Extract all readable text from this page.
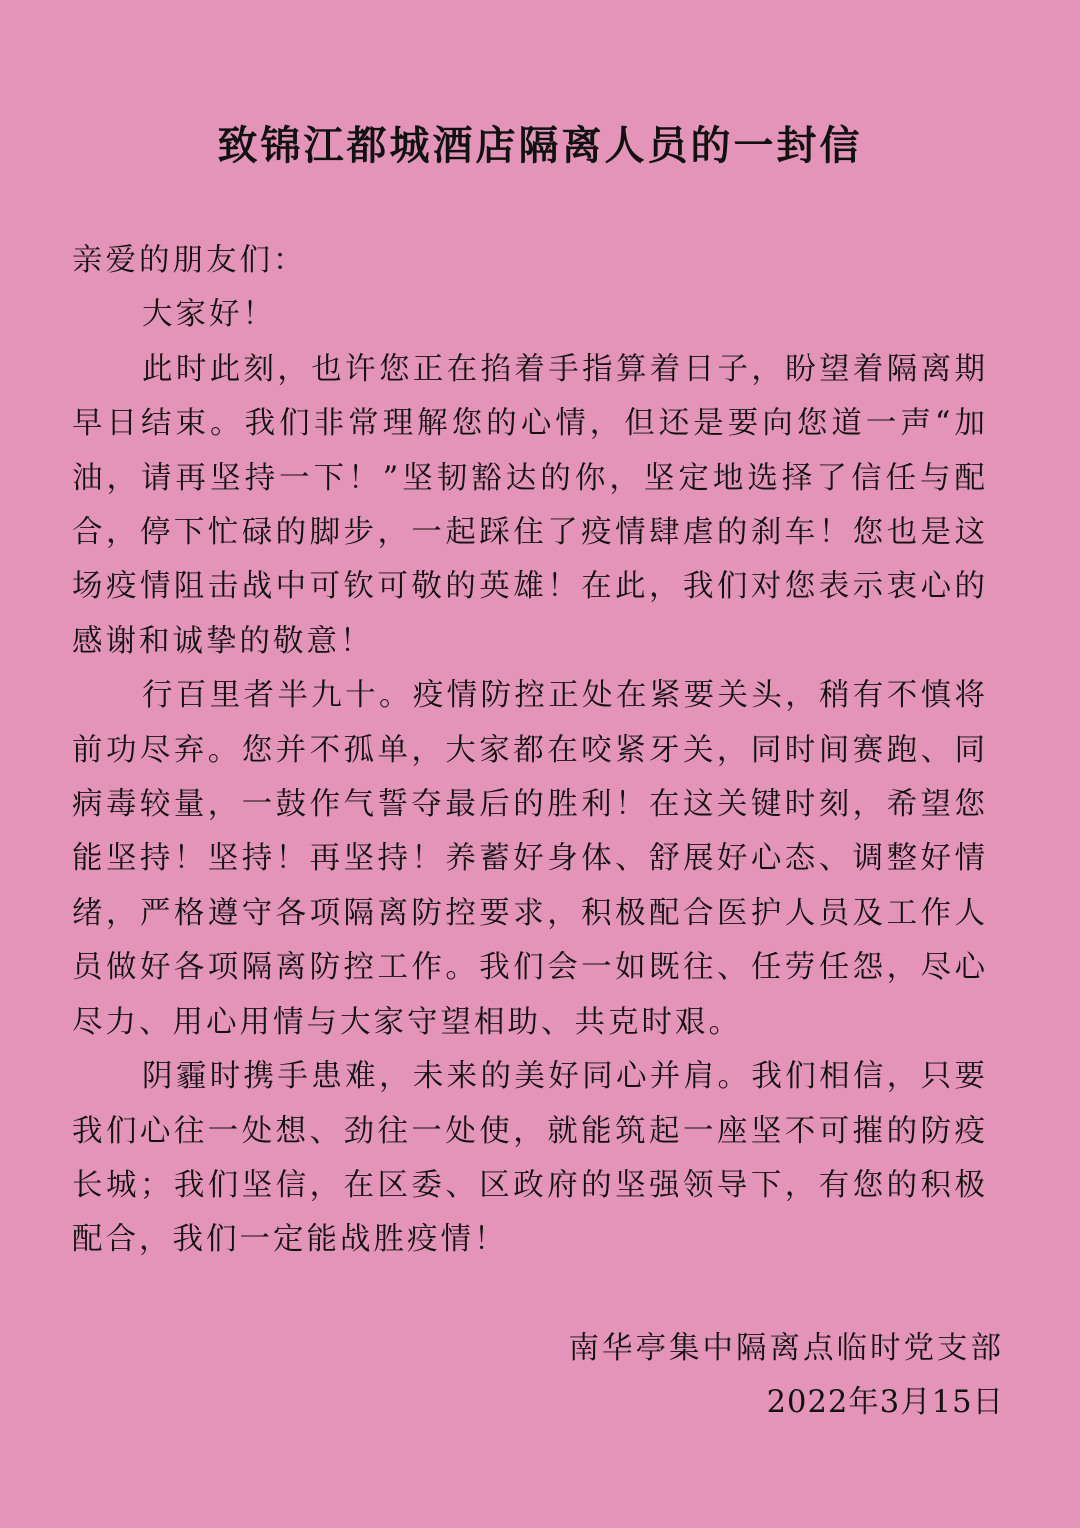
致锦江都城酒店隔离人员的一封信

亲爱的朋友们：

大家好！

此时此刻，也许您正在掐着手指算着日子，盼望着隔离期早日结束。我们非常理解您的心情，但还是要向您道一声“加油，请再坚持一下！”坚韧豁达的你，坚定地选择了信任与配合，停下忙碌的脚步，一起踩住了疫情肆虐的刹车！您也是这场疫情阻击战中可钦可敬的英雄！在此，我们对您表示衷心的感谢和诚挚的敬意！

行百里者半九十。疫情防控正处在紧要关头，稍有不慎将前功尽弃。您并不孤单，大家都在咬紧牙关，同时间赛跑、同病毒较量，一鼓作气誓夺最后的胜利！在这关键时刻，希望您能坚持！坚持！再坚持！养蓄好身体、舒展好心态、调整好情绪，严格遵守各项隔离防控要求，积极配合医护人员及工作人员做好各项隔离防控工作。我们会一如既往、任劳任怨，尽心尽力、用心用情与大家守望相助、共克时艰。

阴霾时携手患难，未来的美好同心并肩。我们相信，只要我们心往一处想、劲往一处使，就能筑起一座坚不可摧的防疫长城；我们坚信，在区委、区政府的坚强领导下，有您的积极配合，我们一定能战胜疫情！

南华亭集中隔离点临时党支部
2022年3月15日
